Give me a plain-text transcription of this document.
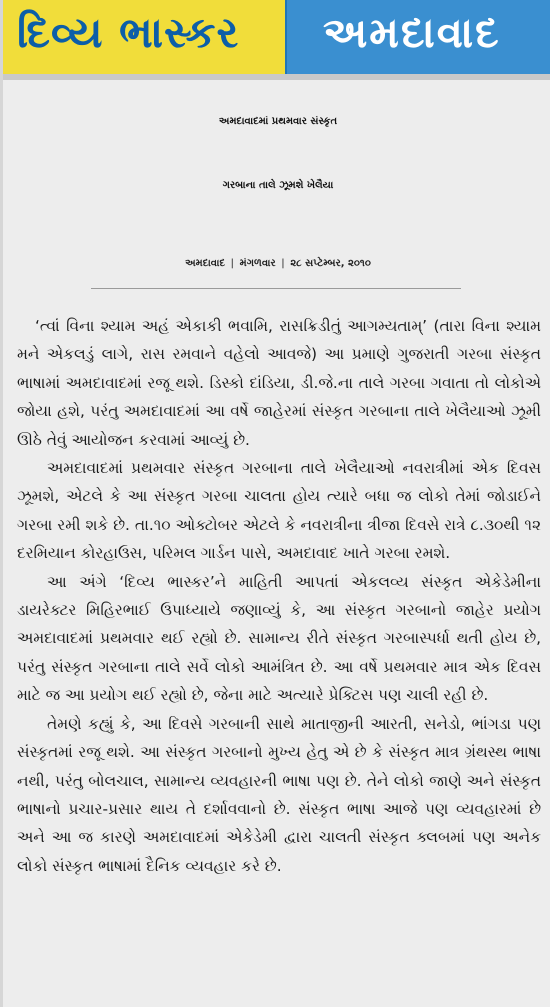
દિવ્ય ભાસ્કર અમદાવાદ
અમદાવાદમાં પ્રથમવાર સંસ્કૃત
ગરબાના તાલે ઝૂમશે ખેલૈયા
અમદાવાદ | મંગળવાર | ૨૮ સપ્ટેમ્બર, ૨૦૧૦

‘ત્વાં વિના શ્યામ અહં એકાકી ભવામિ, રાસક્રિડીતું આગમ્યતામ્’ (તારા વિના શ્યામ મને એકલડું લાગે, રાસ રમવાને વહેલો આવજે) આ પ્રમાણે ગુજરાતી ગરબા સંસ્કૃત ભાષામાં અમદાવાદમાં રજૂ થશે. ડિસ્કો દાંડિયા, ડી.જે.ના તાલે ગરબા ગવાતા તો લોકોએ જોયા હશે, પરંતુ અમદાવાદમાં આ વર્ષે જાહેરમાં સંસ્કૃત ગરબાના તાલે ખેલૈયાઓ ઝૂમી ઊઠે તેવું આયોજન કરવામાં આવ્યું છે.

અમદાવાદમાં પ્રથમવાર સંસ્કૃત ગરબાના તાલે ખેલૈયાઓ નવરાત્રીમાં એક દિવસ ઝૂમશે, એટલે કે આ સંસ્કૃત ગરબા ચાલતા હોય ત્યારે બધા જ લોકો તેમાં જોડાઈને ગરબા રમી શકે છે. તા.૧૦ ઓક્ટોબર એટલે કે નવરાત્રીના ત્રીજા દિવસે રાત્રે ૮.૩૦થી ૧૨ દરમિયાન કોરહાઉસ, પરિમલ ગાર્ડન પાસે, અમદાવાદ ખાતે ગરબા રમશે.

આ અંગે ‘દિવ્ય ભાસ્કર’ને માહિતી આપતાં એકલવ્ય સંસ્કૃત એકેડેમીના ડાયરેક્ટર મિહિરભાઈ ઉપાધ્યાયે જણાવ્યું કે, આ સંસ્કૃત ગરબાનો જાહેર પ્રયોગ અમદાવાદમાં પ્રથમવાર થઈ રહ્યો છે. સામાન્ય રીતે સંસ્કૃત ગરબાસ્પર્ધા થતી હોય છે, પરંતુ સંસ્કૃત ગરબાના તાલે સર્વે લોકો આમંત્રિત છે. આ વર્ષે પ્રથમવાર માત્ર એક દિવસ માટે જ આ પ્રયોગ થઈ રહ્યો છે, જેના માટે અત્યારે પ્રેક્ટિસ પણ ચાલી રહી છે.

તેમણે કહ્યું કે, આ દિવસે ગરબાની સાથે માતાજીની આરતી, સનેડો, ભાંગડા પણ સંસ્કૃતમાં રજૂ થશે. આ સંસ્કૃત ગરબાનો મુખ્ય હેતુ એ છે કે સંસ્કૃત માત્ર ગ્રંથસ્થ ભાષા નથી, પરંતુ બોલચાલ, સામાન્ય વ્યવહારની ભાષા પણ છે. તેને લોકો જાણે અને સંસ્કૃત ભાષાનો પ્રચાર-પ્રસાર થાય તે દર્શાવવાનો છે. સંસ્કૃત ભાષા આજે પણ વ્યવહારમાં છે અને આ જ કારણે અમદાવાદમાં એકેડેમી દ્વારા ચાલતી સંસ્કૃત ક્લબમાં પણ અનેક લોકો સંસ્કૃત ભાષામાં દૈનિક વ્યવહાર કરે છે.
